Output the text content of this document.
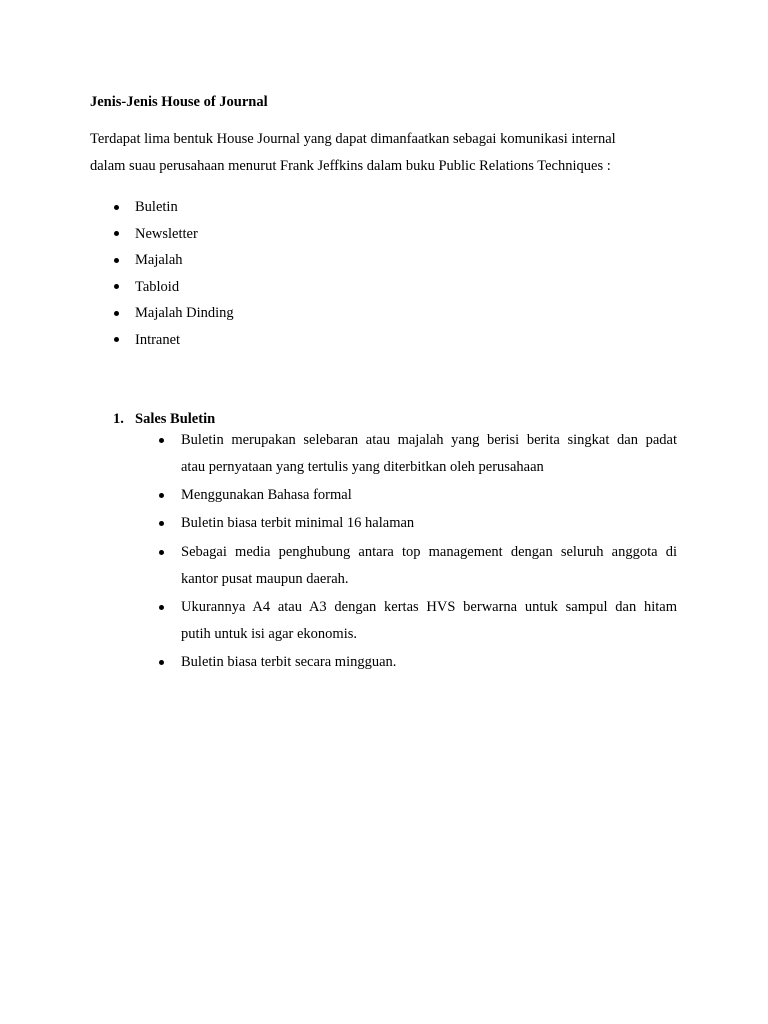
Jenis-Jenis House of Journal
Terdapat lima bentuk House Journal yang dapat dimanfaatkan sebagai komunikasi internal
dalam suau perusahaan menurut Frank Jeffkins dalam buku Public Relations Techniques :
Buletin
Newsletter
Majalah
Tabloid
Majalah Dinding
Intranet
1. Sales Buletin
Buletin merupakan selebaran atau majalah yang berisi berita singkat dan padat
atau pernyataan yang tertulis yang diterbitkan oleh perusahaan
Menggunakan Bahasa formal
Buletin biasa terbit minimal 16 halaman
Sebagai media penghubung antara top management dengan seluruh anggota di
kantor pusat maupun daerah.
Ukurannya A4 atau A3 dengan kertas HVS berwarna untuk sampul dan hitam
putih untuk isi agar ekonomis.
Buletin biasa terbit secara mingguan.
